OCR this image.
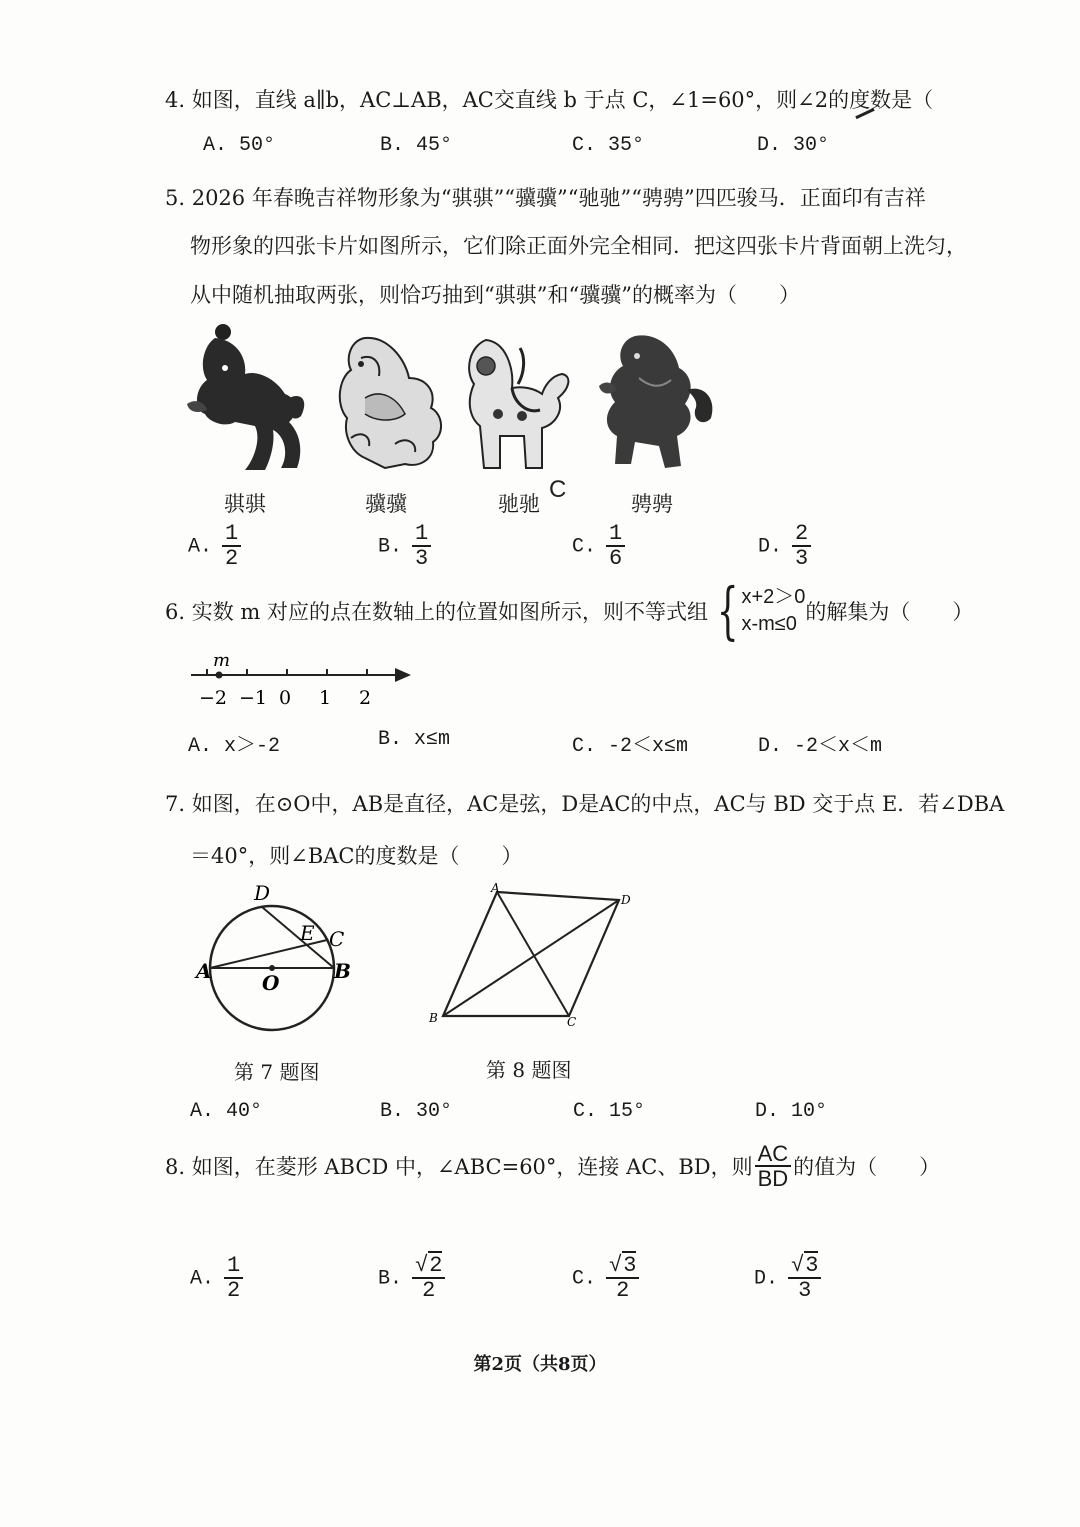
4. 如图，直线 a∥b，AC⊥AB，AC交直线 b 于点 C，∠1=60°，则∠2的度数是（
A. 50°	B. 45°	C. 35°	D. 30°
5. 2026 年春晚吉祥物形象为“骐骐”“骥骥”“驰驰”“骋骋”四匹骏马．正面印有吉祥
物形象的四张卡片如图所示，它们除正面外完全相同．把这四张卡片背面朝上洗匀，
从中随机抽取两张，则恰巧抽到“骐骐”和“骥骥”的概率为（　　）
骐骐	骥骥	驰驰
C
骋骋
A. $\frac{1}{2}$	B. $\frac{1}{3}$	C. $\frac{1}{6}$	D. $\frac{2}{3}$
6. 实数 m 对应的点在数轴上的位置如图所示，则不等式组 { x+2＞0
x-m≤0 的解集为（　　）
−2 −1 0 1 2
m
A. x＞-2	B. x≤m	C. -2＜x≤m	D. -2＜x＜m
7. 如图，在⊙O中，AB是直径，AC是弦，D是AC的中点，AC与 BD 交于点 E．若∠DBA
＝40°，则∠BAC的度数是（　　）
A	B
C
D
E
O
第 7 题图
A
D
B	C
第 8 题图
A. 40°	B. 30°	C. 15°	D. 10°
8. 如图，在菱形 ABCD 中，∠ABC=60°，连接 AC、BD，则 $\frac{AC}{BD}$ 的值为（　　）
A. $\frac{1}{2}$	B. $\frac{√2}{2}$	C. $\frac{√3}{2}$	D. $\frac{√3}{3}$
第2页（共8页）
